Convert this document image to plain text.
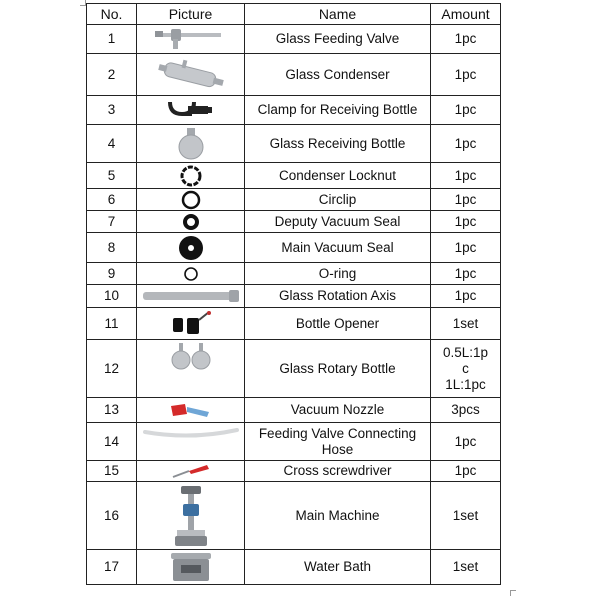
No.	Picture	Name	Amount
1		Glass Feeding Valve	1pc
2		Glass Condenser	1pc
3		Clamp for Receiving Bottle	1pc
4		Glass Receiving Bottle	1pc
5		Condenser Locknut	1pc
6		Circlip	1pc
7		Deputy Vacuum Seal	1pc
8		Main Vacuum Seal	1pc
9		O-ring	1pc
10		Glass Rotation Axis	1pc
11		Bottle Opener	1set
12		Glass Rotary Bottle	0.5L:1p
c
1L:1pc

13		Vacuum Nozzle	3pcs
14		Feeding Valve Connecting
Hose	1pc
15		Cross screwdriver	1pc
16		Main Machine	1set
17		Water Bath	1set
